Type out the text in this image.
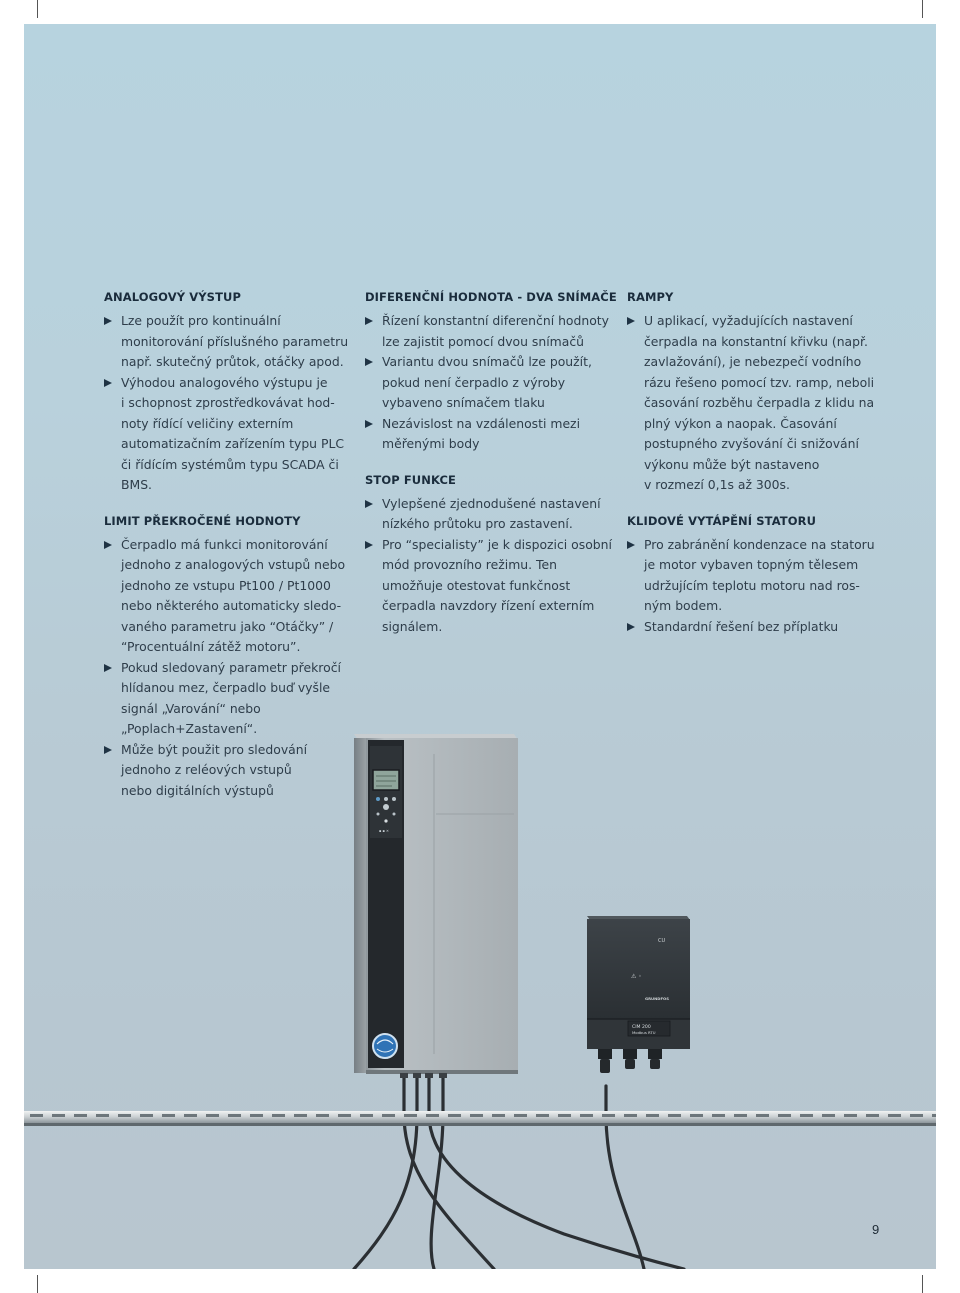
▪ ▪ ✕
CIM 200
Modbus RTU
CU
⚠ ◦
GRUNDFOS
ANALOGOVÝ VÝSTUP
Lze použít pro kontinuální
monitorování příslušného parametru
např. skutečný průtok, otáčky apod.
Výhodou analogového výstupu je
i schopnost zprostředkovávat hod-
noty řídící veličiny externím
automatizačním zařízením typu PLC
či řídícím systémům typu SCADA či
BMS.
LIMIT PŘEKROČENÉ HODNOTY
Čerpadlo má funkci monitorování
jednoho z analogových vstupů nebo
jednoho ze vstupu Pt100 / Pt1000
nebo některého automaticky sledo-
vaného parametru jako “Otáčky” /
“Procentuální zátěž motoru”.
Pokud sledovaný parametr překročí
hlídanou mez, čerpadlo buď vyšle
signál „Varování“ nebo
„Poplach+Zastavení“.
Může být použit pro sledování
jednoho z reléových vstupů
nebo digitálních výstupů
DIFERENČNÍ HODNOTA - DVA SNÍMAČE
Řízení konstantní diferenční hodnoty
lze zajistit pomocí dvou snímačů
Variantu dvou snímačů lze použít,
pokud není čerpadlo z výroby
vybaveno snímačem tlaku
Nezávislost na vzdálenosti mezi
měřenými body
STOP FUNKCE
Vylepšené zjednodušené nastavení
nízkého průtoku pro zastavení.
Pro “specialisty” je k dispozici osobní
mód provozního režimu. Ten
umožňuje otestovat funkčnost
čerpadla navzdory řízení externím
signálem.
RAMPY
U aplikací, vyžadujících nastavení
čerpadla na konstantní křivku (např.
zavlažování), je nebezpečí vodního
rázu řešeno pomocí tzv. ramp, neboli
časování rozběhu čerpadla z klidu na
plný výkon a naopak. Časování
postupného zvyšování či snižování
výkonu může být nastaveno
v rozmezí 0,1s až 300s.
KLIDOVÉ VYTÁPĚNÍ STATORU
Pro zabránění kondenzace na statoru
je motor vybaven topným tělesem
udržujícím teplotu motoru nad ros-
ným bodem.
Standardní řešení bez příplatku
9
